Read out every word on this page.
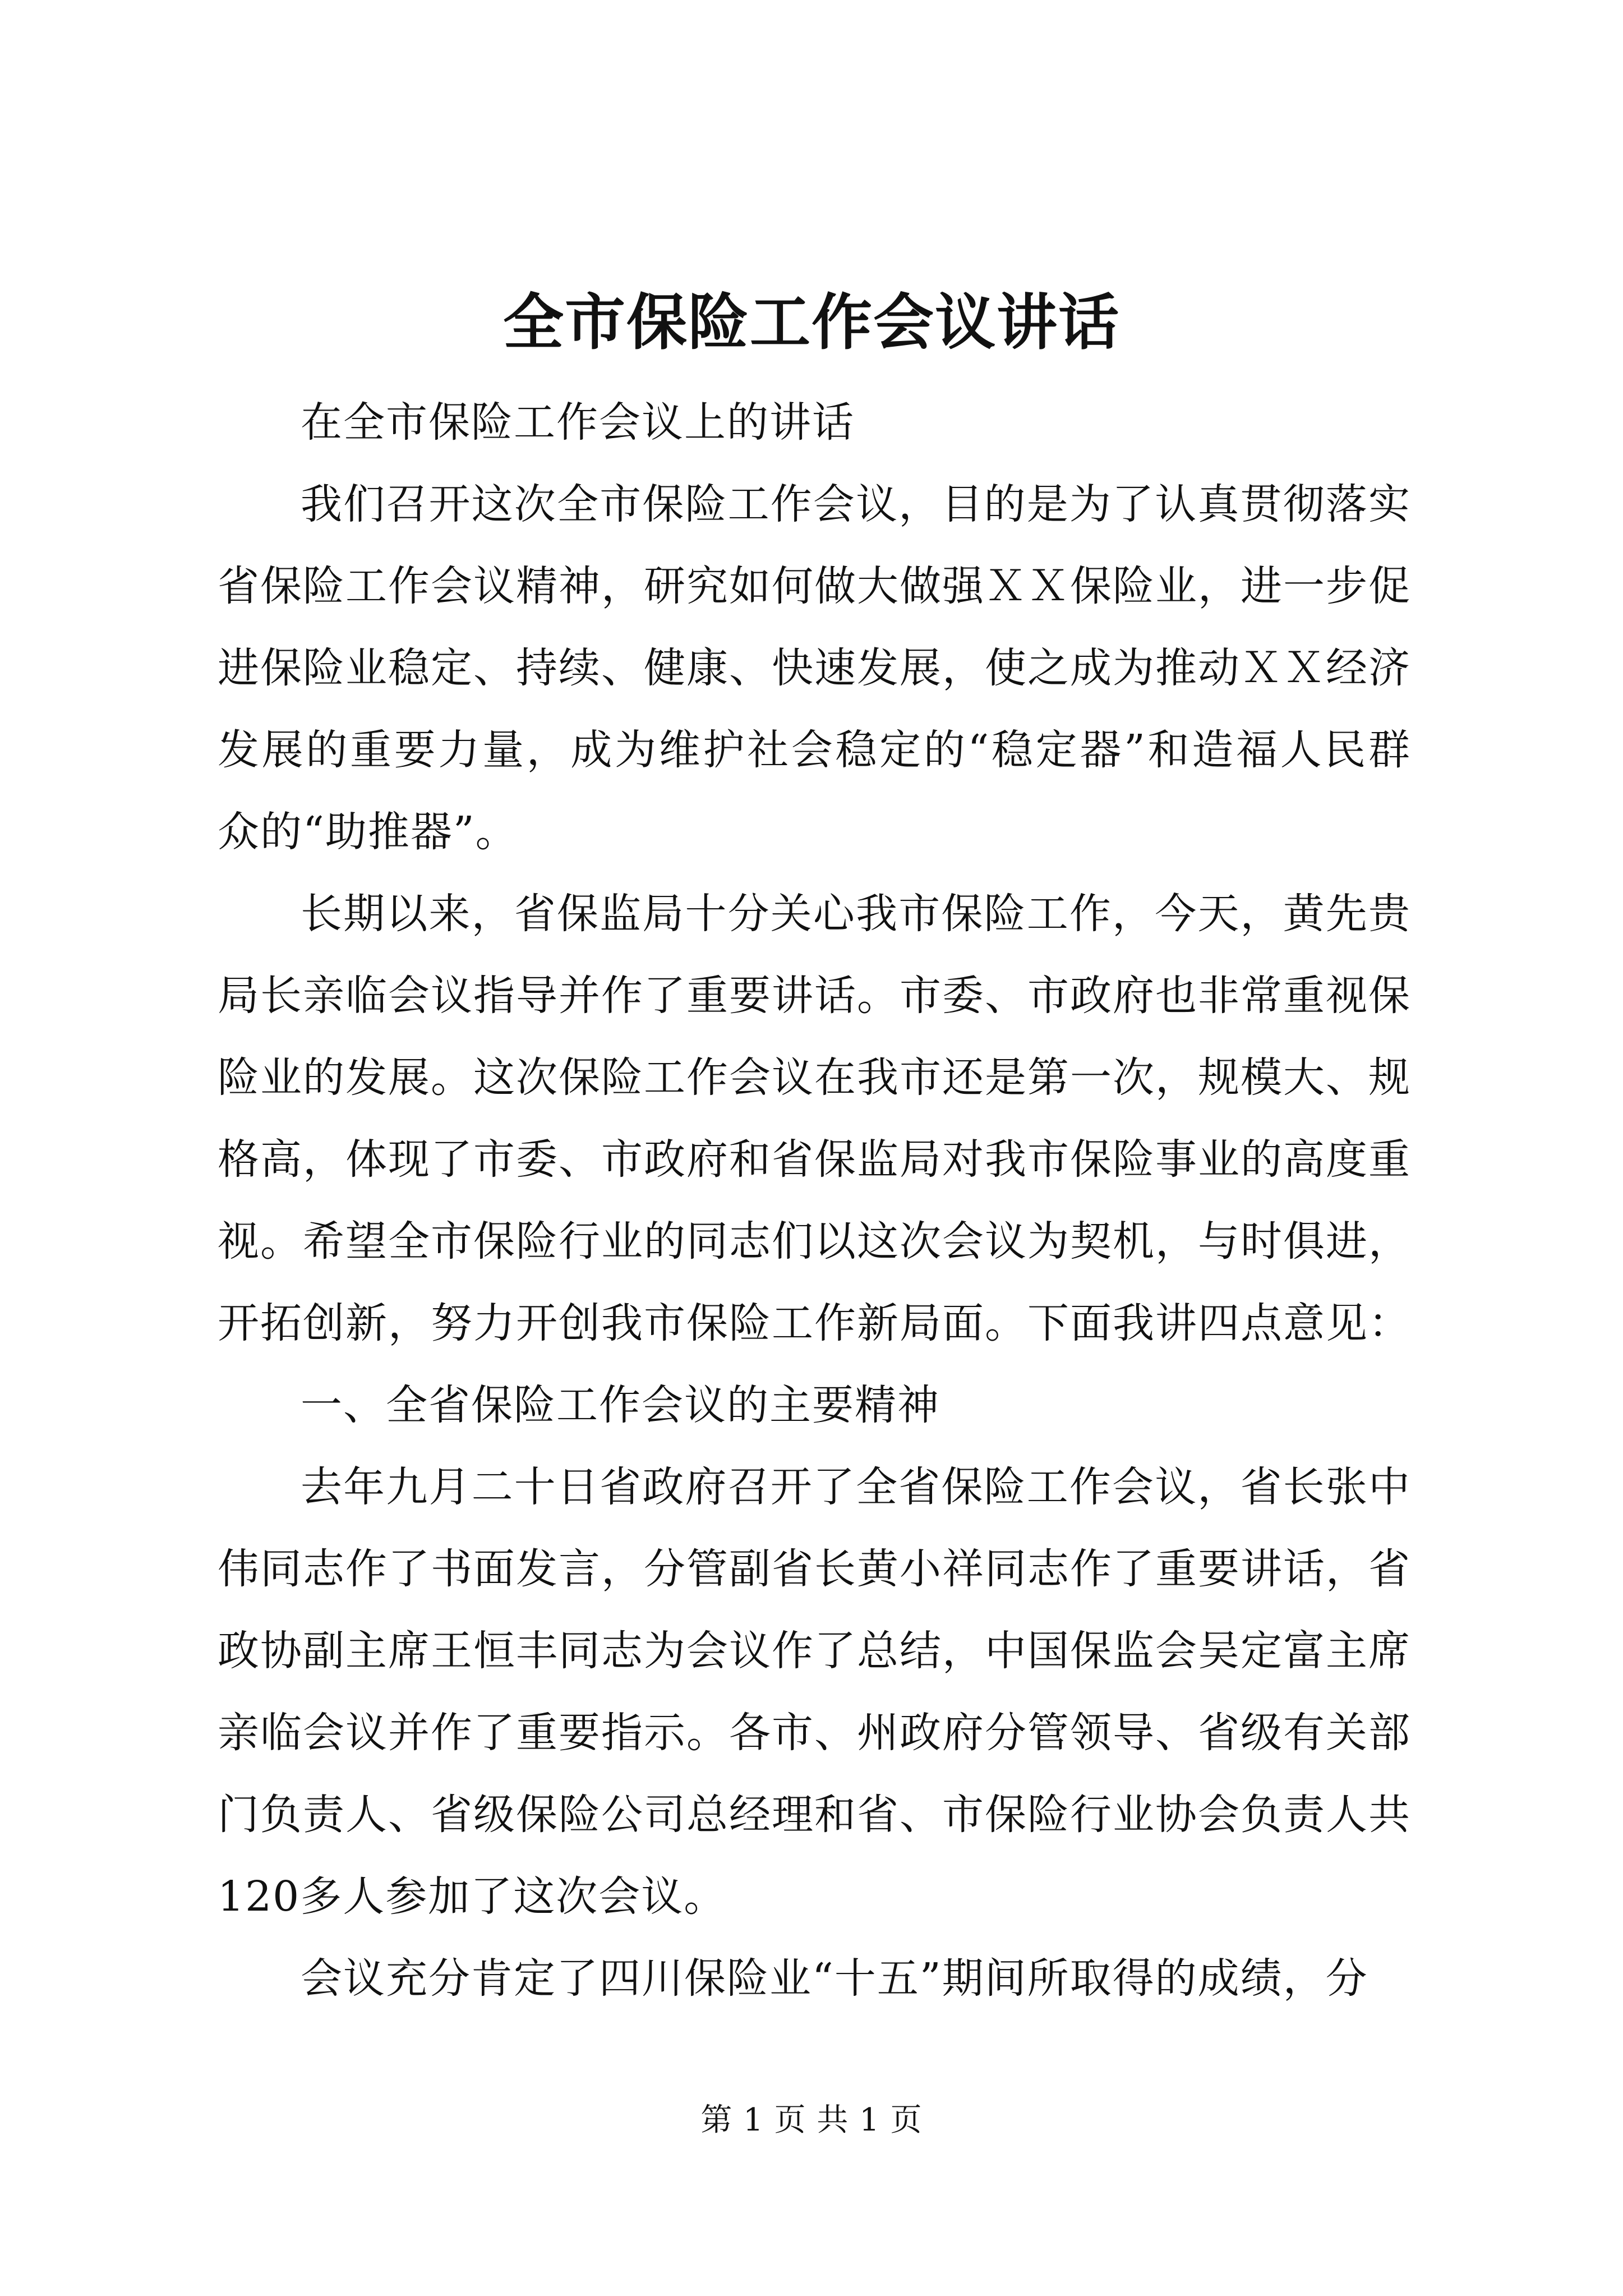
全市保险工作会议讲话

在全市保险工作会议上的讲话

我们召开这次全市保险工作会议，目的是为了认真贯彻落实省保险工作会议精神，研究如何做大做强ＸＸ保险业，进一步促进保险业稳定、持续、健康、快速发展，使之成为推动ＸＸ经济发展的重要力量，成为维护社会稳定的“稳定器”和造福人民群众的“助推器”。

长期以来，省保监局十分关心我市保险工作，今天，黄先贵局长亲临会议指导并作了重要讲话。市委、市政府也非常重视保险业的发展。这次保险工作会议在我市还是第一次，规模大、规格高，体现了市委、市政府和省保监局对我市保险事业的高度重视。希望全市保险行业的同志们以这次会议为契机，与时俱进，开拓创新，努力开创我市保险工作新局面。下面我讲四点意见：

一、全省保险工作会议的主要精神

去年九月二十日省政府召开了全省保险工作会议，省长张中伟同志作了书面发言，分管副省长黄小祥同志作了重要讲话，省政协副主席王恒丰同志为会议作了总结，中国保监会吴定富主席亲临会议并作了重要指示。各市、州政府分管领导、省级有关部门负责人、省级保险公司总经理和省、市保险行业协会负责人共120多人参加了这次会议。

会议充分肯定了四川保险业“十五”期间所取得的成绩，分

第 1 页 共 1 页
